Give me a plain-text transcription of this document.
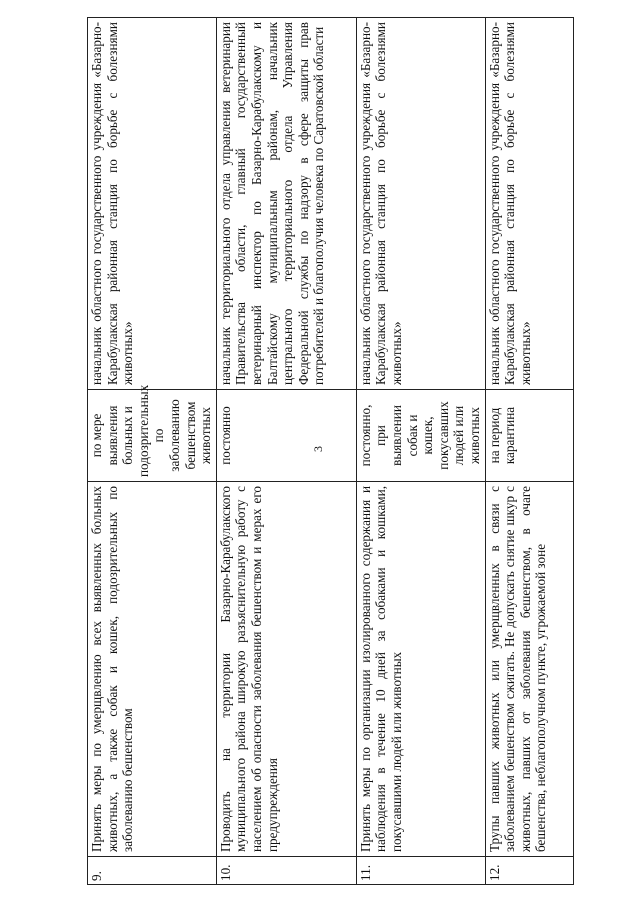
3
9.	Принять меры по умерщвлению всех выявленных больных животных, а также собак и кошек, подозрительных по заболеванию бешенством	по мере выявления больных и подозрительных по заболеванию бешенством животных	начальник областного государственного учреждения «Базарно-Карабулакская районная станция по борьбе с болезнями животных»
10.	Проводить на территории Базарно-Карабулакского муниципального района широкую разъяснительную работу с населением об опасности заболевания бешенством и мерах его предупреждения	постоянно	начальник территориального отдела управления ветеринарии Правительства области, главный государственный ветеринарный инспектор по Базарно-Карабулакскому и Балтайскому муниципальным районам, начальник центрального территориального отдела Управления Федеральной службы по надзору в сфере защиты прав потребителей и благополучия человека по Саратовской области
11.	Принять меры по организации изолированного содержания и наблюдения в течение 10 дней за собаками и кошками, покусавшими людей или животных	постоянно, при выявлении собак и кошек, покусавших людей или животных	начальник областного государственного учреждения «Базарно-Карабулакская районная станция по борьбе с болезнями животных»
12.	Трупы павших животных или умерщвленных в связи с заболеванием бешенством сжигать. Не допускать снятие шкур с животных, павших от заболевания бешенством, в очаге бешенства, неблагополучном пункте, угрожаемой зоне	на период карантина	начальник областного государственного учреждения «Базарно-Карабулакская районная станция по борьбе с болезнями животных»
